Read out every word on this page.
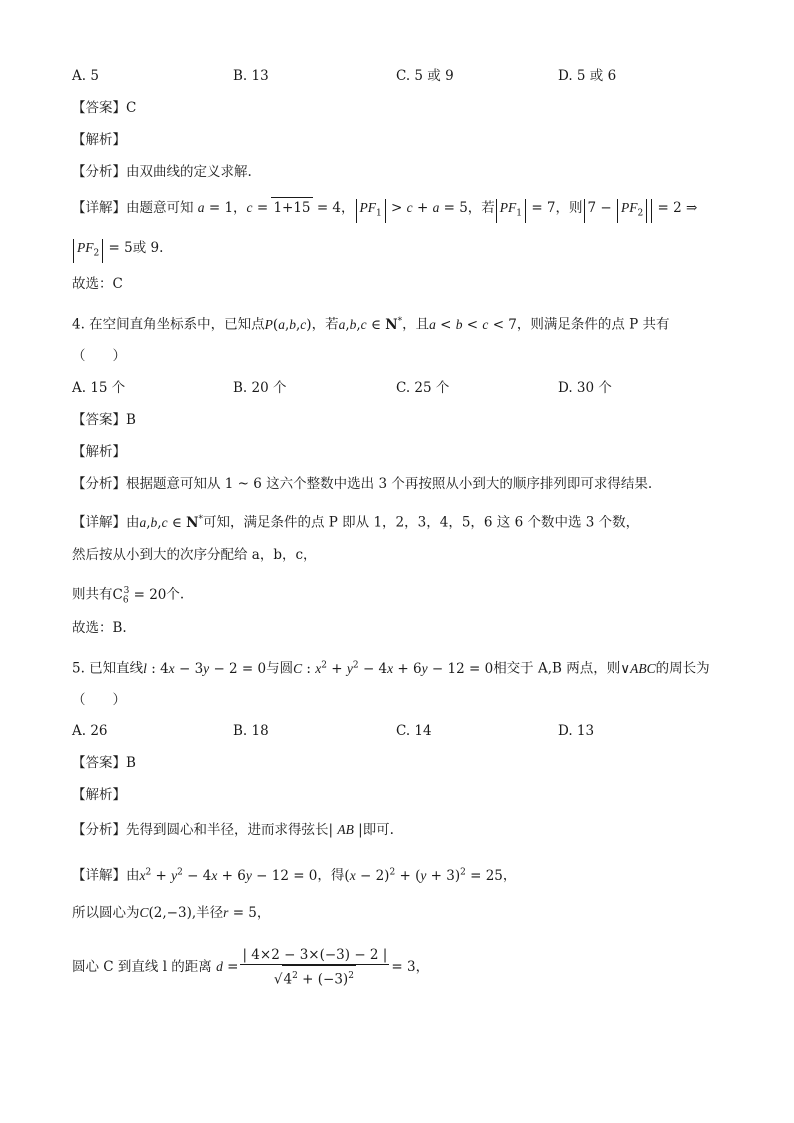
A. 5	B. 13	C. 5 或 9	D. 5 或 6
【答案】C
【解析】
【分析】由双曲线的定义求解.
【详解】由题意可知 a = 1，c = 1+15 = 4， $PF_1 > c + a = 5$，若 $PF_1 = 7$，则 $7 - PF_2 = 2$ ⇒
$PF_2 = 5$或 9.
故选：C
4. 在空间直角坐标系中，已知点P(a,b,c)，若a,b,c ∈ N*，且a < b < c < 7，则满足条件的点 P 共有
（　　）
A. 15 个	B. 20 个	C. 25 个	D. 30 个
【答案】B
【解析】
【分析】根据题意可知从 1 ~ 6 这六个整数中选出 3 个再按照从小到大的顺序排列即可求得结果.
【详解】由a,b,c ∈ N*可知，满足条件的点 P 即从 1，2，3，4，5，6 这 6 个数中选 3 个数，
然后按从小到大的次序分配给 a，b，c，
则共有$C_6^3 = 20$个.
故选：B.
5. 已知直线l : 4x − 3y − 2 = 0与圆C : $x^2 + y^2 - 4x + 6y - 12 = 0$相交于 A,B 两点，则∨ABC的周长为
（　　）
A. 26	B. 18	C. 14	D. 13
【答案】B
【解析】
【分析】先得到圆心和半径，进而求得弦长| AB |即可.
【详解】由$x^2 + y^2 - 4x + 6y - 12 = 0$，得$(x - 2)^2 + (y + 3)^2 = 25$，
所以圆心为C(2,−3),半径r = 5，
圆心 C 到直线 l 的距离 $d = \frac{| 4\times 2 - 3\times(-3) - 2 |}{√4^2 + (-3)^2} = 3$，
